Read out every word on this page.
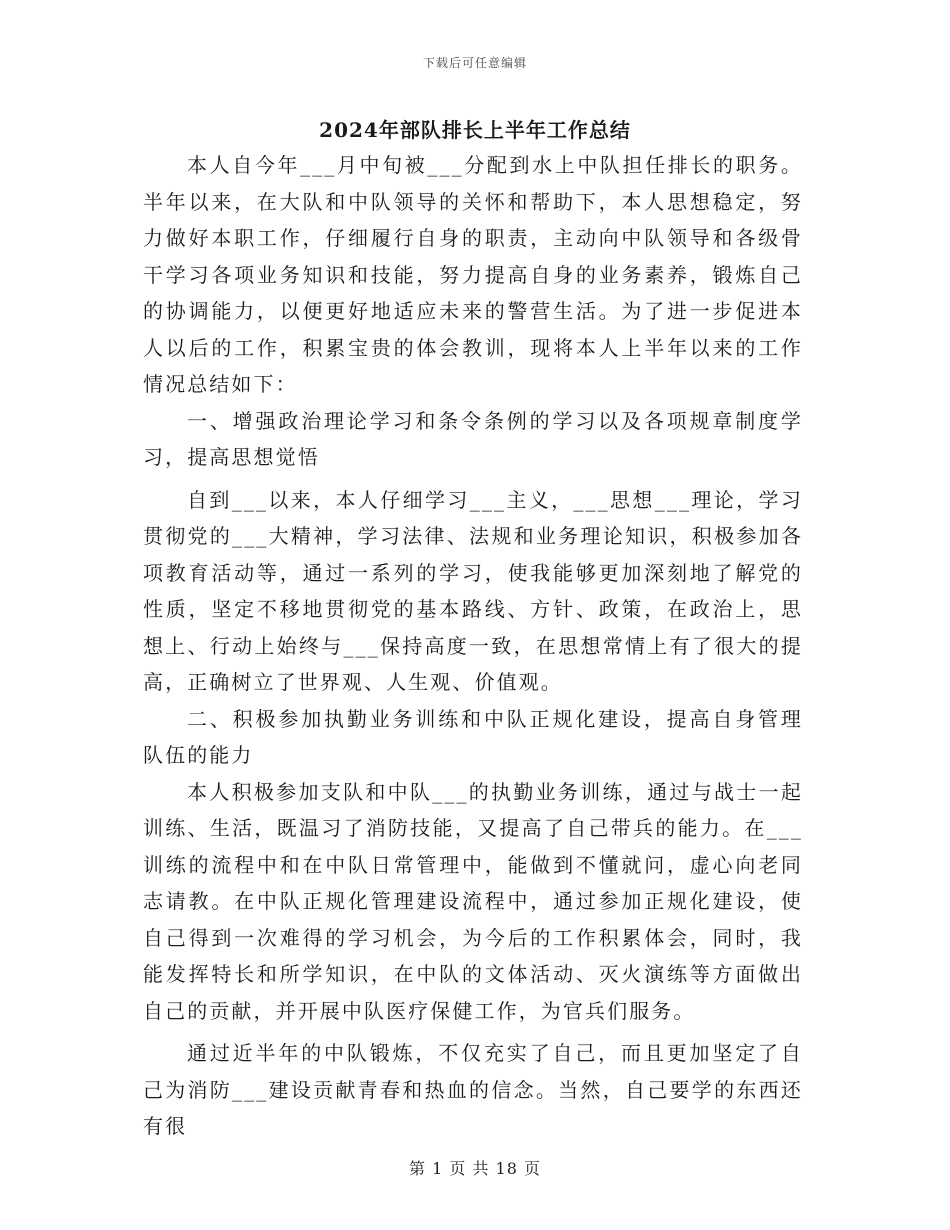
下载后可任意编辑
2024年部队排长上半年工作总结

本人自今年___月中旬被___分配到水上中队担任排长的职务。半年以来，在大队和中队领导的关怀和帮助下，本人思想稳定，努力做好本职工作，仔细履行自身的职责，主动向中队领导和各级骨干学习各项业务知识和技能，努力提高自身的业务素养，锻炼自己的协调能力，以便更好地适应未来的警营生活。为了进一步促进本人以后的工作，积累宝贵的体会教训，现将本人上半年以来的工作情况总结如下：

一、增强政治理论学习和条令条例的学习以及各项规章制度学习，提高思想觉悟

自到___以来，本人仔细学习___主义，___思想___理论，学习贯彻党的___大精神，学习法律、法规和业务理论知识，积极参加各项教育活动等，通过一系列的学习，使我能够更加深刻地了解党的性质，坚定不移地贯彻党的基本路线、方针、政策，在政治上，思想上、行动上始终与___保持高度一致，在思想常情上有了很大的提高，正确树立了世界观、人生观、价值观。

二、积极参加执勤业务训练和中队正规化建设，提高自身管理队伍的能力

本人积极参加支队和中队___的执勤业务训练，通过与战士一起训练、生活，既温习了消防技能，又提高了自己带兵的能力。在___训练的流程中和在中队日常管理中，能做到不懂就问，虚心向老同志请教。在中队正规化管理建设流程中，通过参加正规化建设，使自己得到一次难得的学习机会，为今后的工作积累体会，同时，我能发挥特长和所学知识，在中队的文体活动、灭火演练等方面做出自己的贡献，并开展中队医疗保健工作，为官兵们服务。

通过近半年的中队锻炼，不仅充实了自己，而且更加坚定了自己为消防___建设贡献青春和热血的信念。当然，自己要学的东西还有很

第 1 页 共 18 页
